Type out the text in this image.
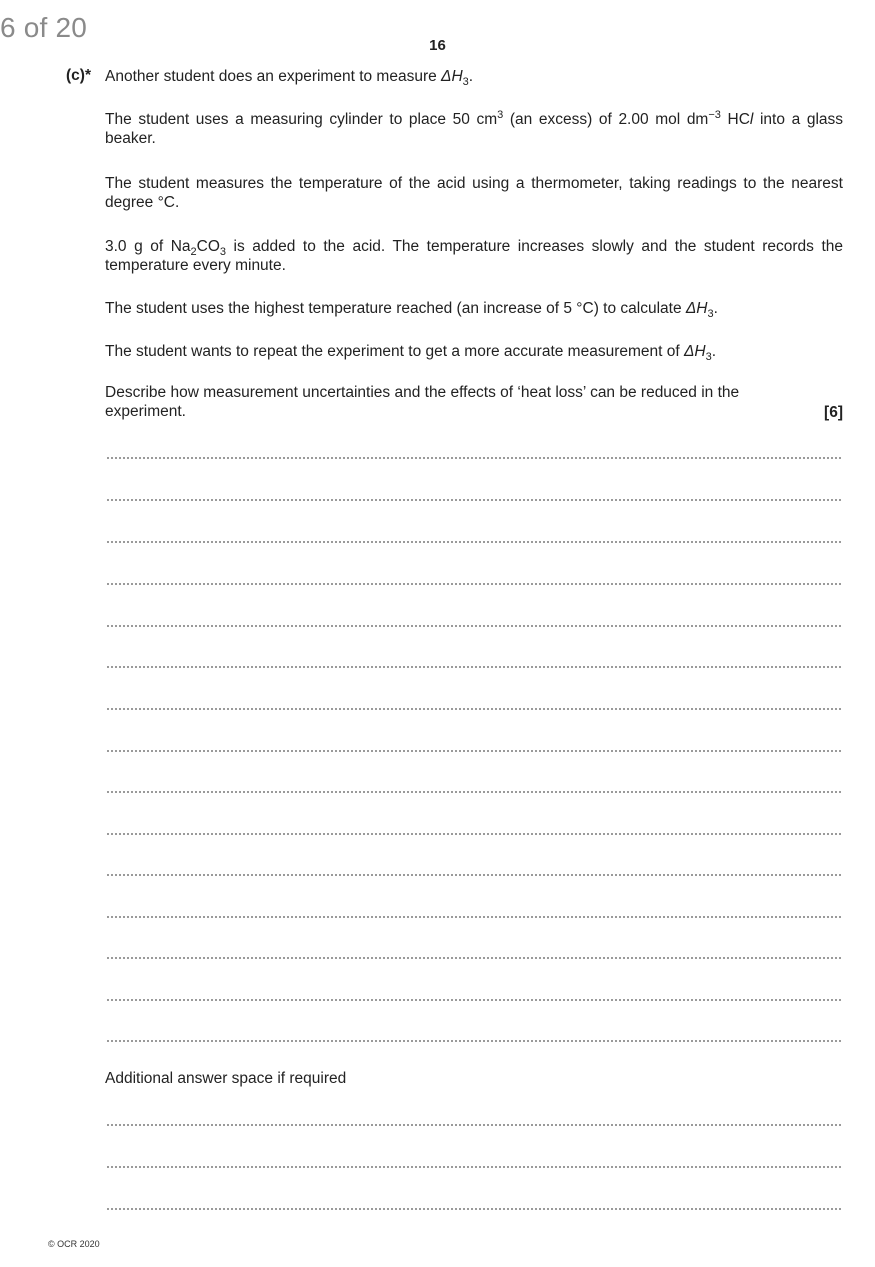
6 of 20
16
(c)* Another student does an experiment to measure $\Delta H_3$.
The student uses a measuring cylinder to place 50 $cm^3$ (an excess) of 2.00 mol $dm^{-3}$ HCl into a glass beaker.
The student measures the temperature of the acid using a thermometer, taking readings to the nearest degree °C.
3.0 g of $Na_2CO_3$ is added to the acid. The temperature increases slowly and the student records the temperature every minute.
The student uses the highest temperature reached (an increase of 5 °C) to calculate $\Delta H_3$.
The student wants to repeat the experiment to get a more accurate measurement of $\Delta H_3$.
Describe how measurement uncertainties and the effects of ‘heat loss’ can be reduced in the experiment.	[6]
Additional answer space if required
© OCR 2020
